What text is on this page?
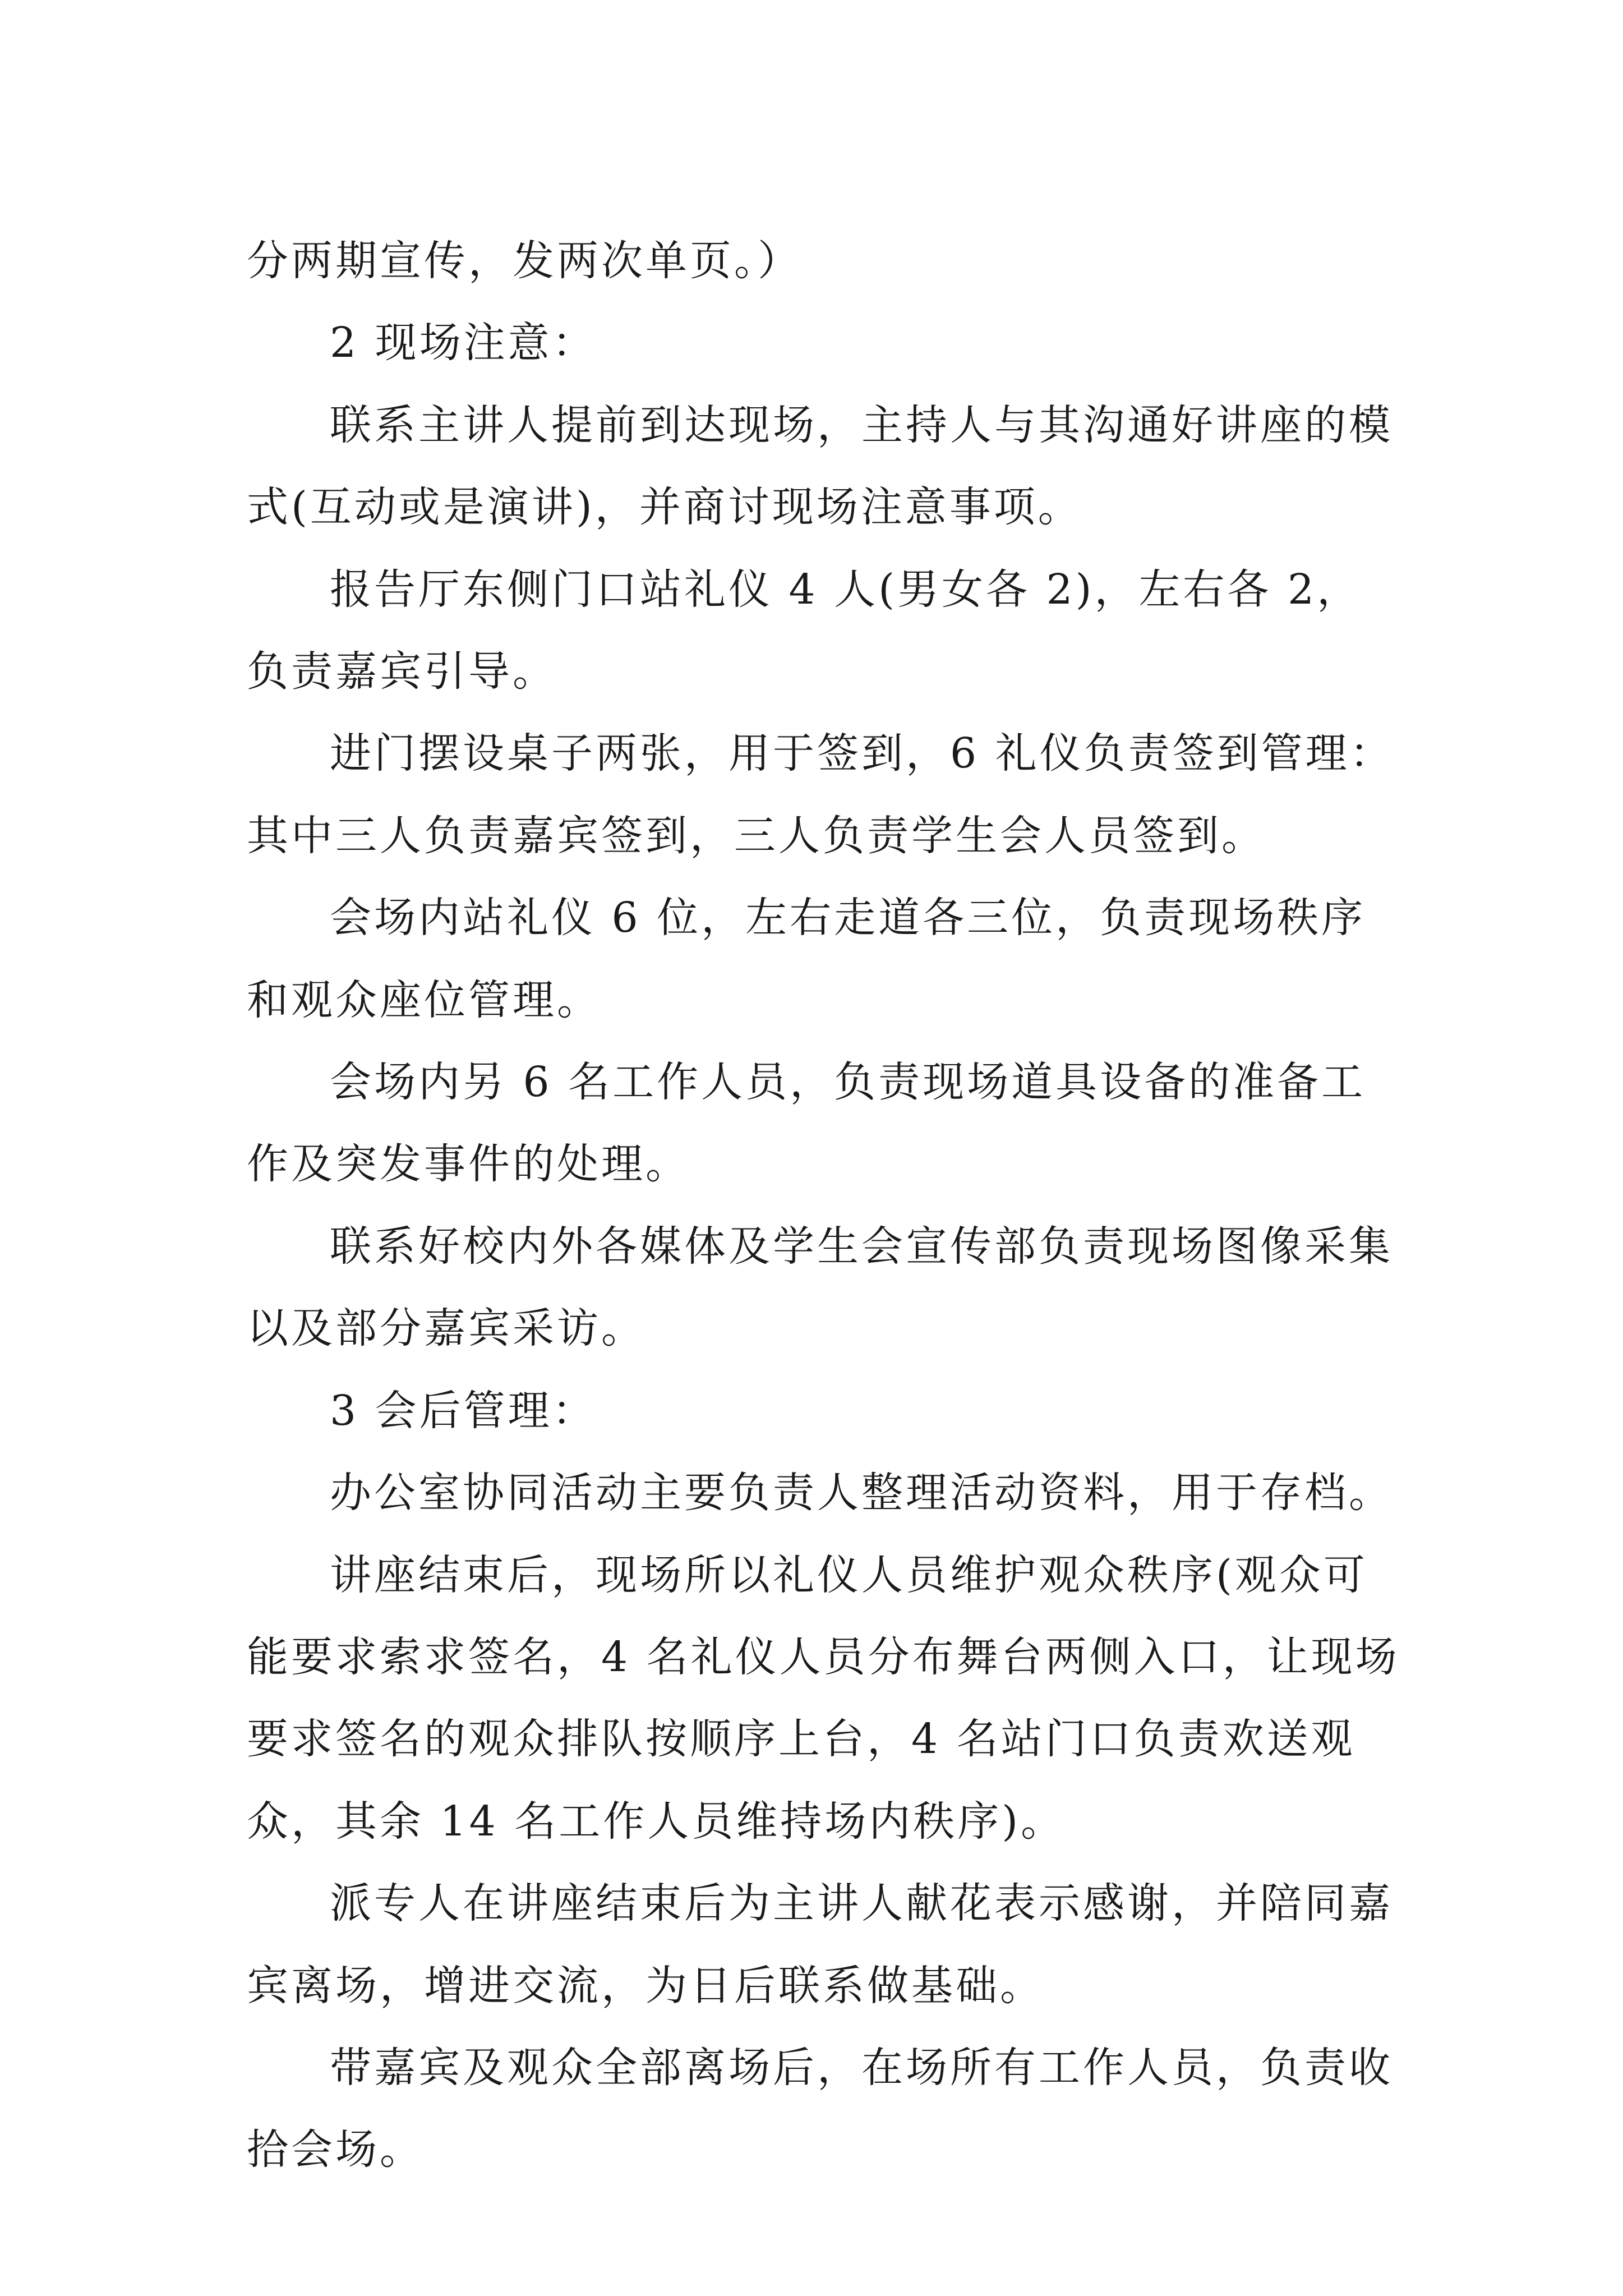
分两期宣传，发两次单页。）

2 现场注意：

联系主讲人提前到达现场，主持人与其沟通好讲座的模式(互动或是演讲)，并商讨现场注意事项。

报告厅东侧门口站礼仪 4 人(男女各 2)，左右各 2，负责嘉宾引导。

进门摆设桌子两张，用于签到，6 礼仪负责签到管理：其中三人负责嘉宾签到，三人负责学生会人员签到。

会场内站礼仪 6 位，左右走道各三位，负责现场秩序和观众座位管理。

会场内另 6 名工作人员，负责现场道具设备的准备工作及突发事件的处理。

联系好校内外各媒体及学生会宣传部负责现场图像采集以及部分嘉宾采访。

3 会后管理：

办公室协同活动主要负责人整理活动资料，用于存档。

讲座结束后，现场所以礼仪人员维护观众秩序(观众可能要求索求签名，4 名礼仪人员分布舞台两侧入口，让现场要求签名的观众排队按顺序上台，4 名站门口负责欢送观众，其余 14 名工作人员维持场内秩序)。

派专人在讲座结束后为主讲人献花表示感谢，并陪同嘉宾离场，增进交流，为日后联系做基础。

带嘉宾及观众全部离场后，在场所有工作人员，负责收拾会场。
